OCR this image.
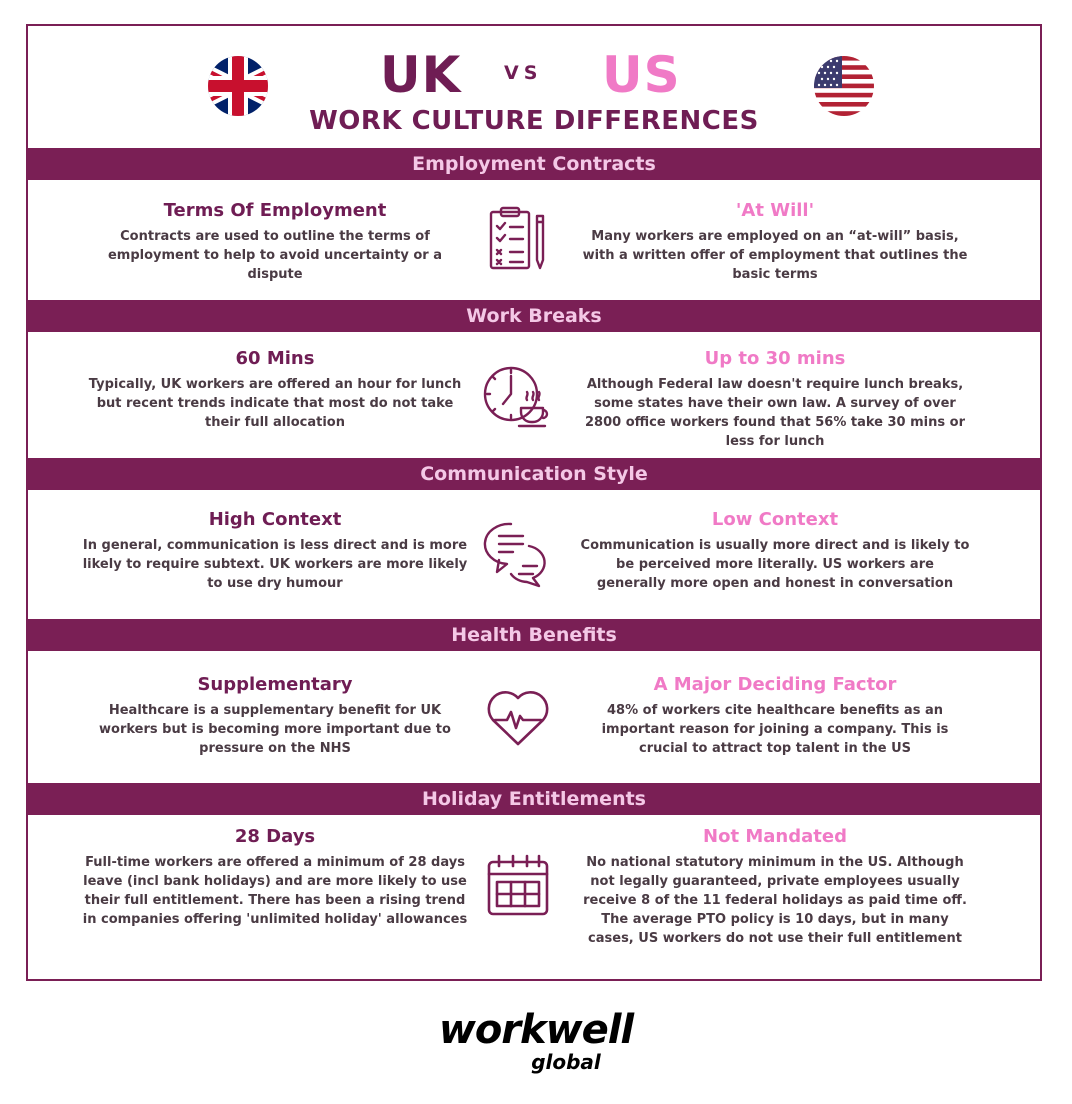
UK VS US
WORK CULTURE DIFFERENCES
Employment Contracts
Terms Of Employment
Contracts are used to outline the terms of employment to help to avoid uncertainty or a dispute
'At Will'
Many workers are employed on an “at-will” basis, with a written offer of employment that outlines the basic terms
Work Breaks
60 Mins
Typically, UK workers are offered an hour for lunch but recent trends indicate that most do not take their full allocation
Up to 30 mins
Although Federal law doesn't require lunch breaks, some states have their own law. A survey of over 2800 office workers found that 56% take 30 mins or less for lunch
Communication Style
High Context
In general, communication is less direct and is more likely to require subtext. UK workers are more likely to use dry humour
Low Context
Communication is usually more direct and is likely to be perceived more literally. US workers are generally more open and honest in conversation
Health Benefits
Supplementary
Healthcare is a supplementary benefit for UK workers but is becoming more important due to pressure on the NHS
A Major Deciding Factor
48% of workers cite healthcare benefits as an important reason for joining a company. This is crucial to attract top talent in the US
Holiday Entitlements
28 Days
Full-time workers are offered a minimum of 28 days leave (incl bank holidays) and are more likely to use their full entitlement. There has been a rising trend in companies offering 'unlimited holiday' allowances
Not Mandated
No national statutory minimum in the US. Although not legally guaranteed, private employees usually receive 8 of the 11 federal holidays as paid time off. The average PTO policy is 10 days, but in many cases, US workers do not use their full entitlement
workwell
global
